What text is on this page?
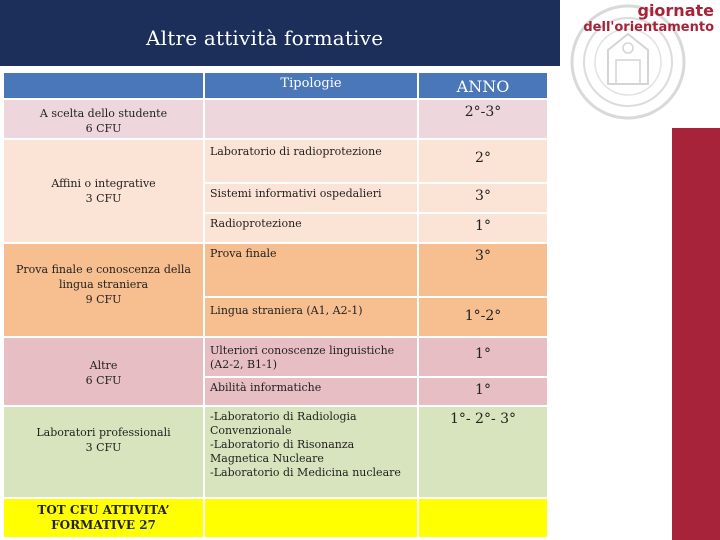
Altre attività formative
giornate
dell'orientamento
	Tipologie	ANNO
A scelta dello studente
6 CFU		2°-3°
Affini o integrative
3 CFU	Laboratorio di radioprotezione	2°
	Sistemi informativi ospedalieri	3°
	Radioprotezione	1°
Prova finale e conoscenza della lingua straniera
9 CFU	Prova finale	3°
	Lingua straniera (A1, A2-1)	1°-2°
Altre
6 CFU	Ulteriori conoscenze linguistiche (A2-2, B1-1)	1°
	Abilità informatiche	1°
Laboratori professionali
3 CFU	-Laboratorio di Radiologia Convenzionale
-Laboratorio di Risonanza Magnetica Nucleare
-Laboratorio di Medicina nucleare	1°- 2°- 3°
TOT CFU ATTIVITA’ FORMATIVE 27		
